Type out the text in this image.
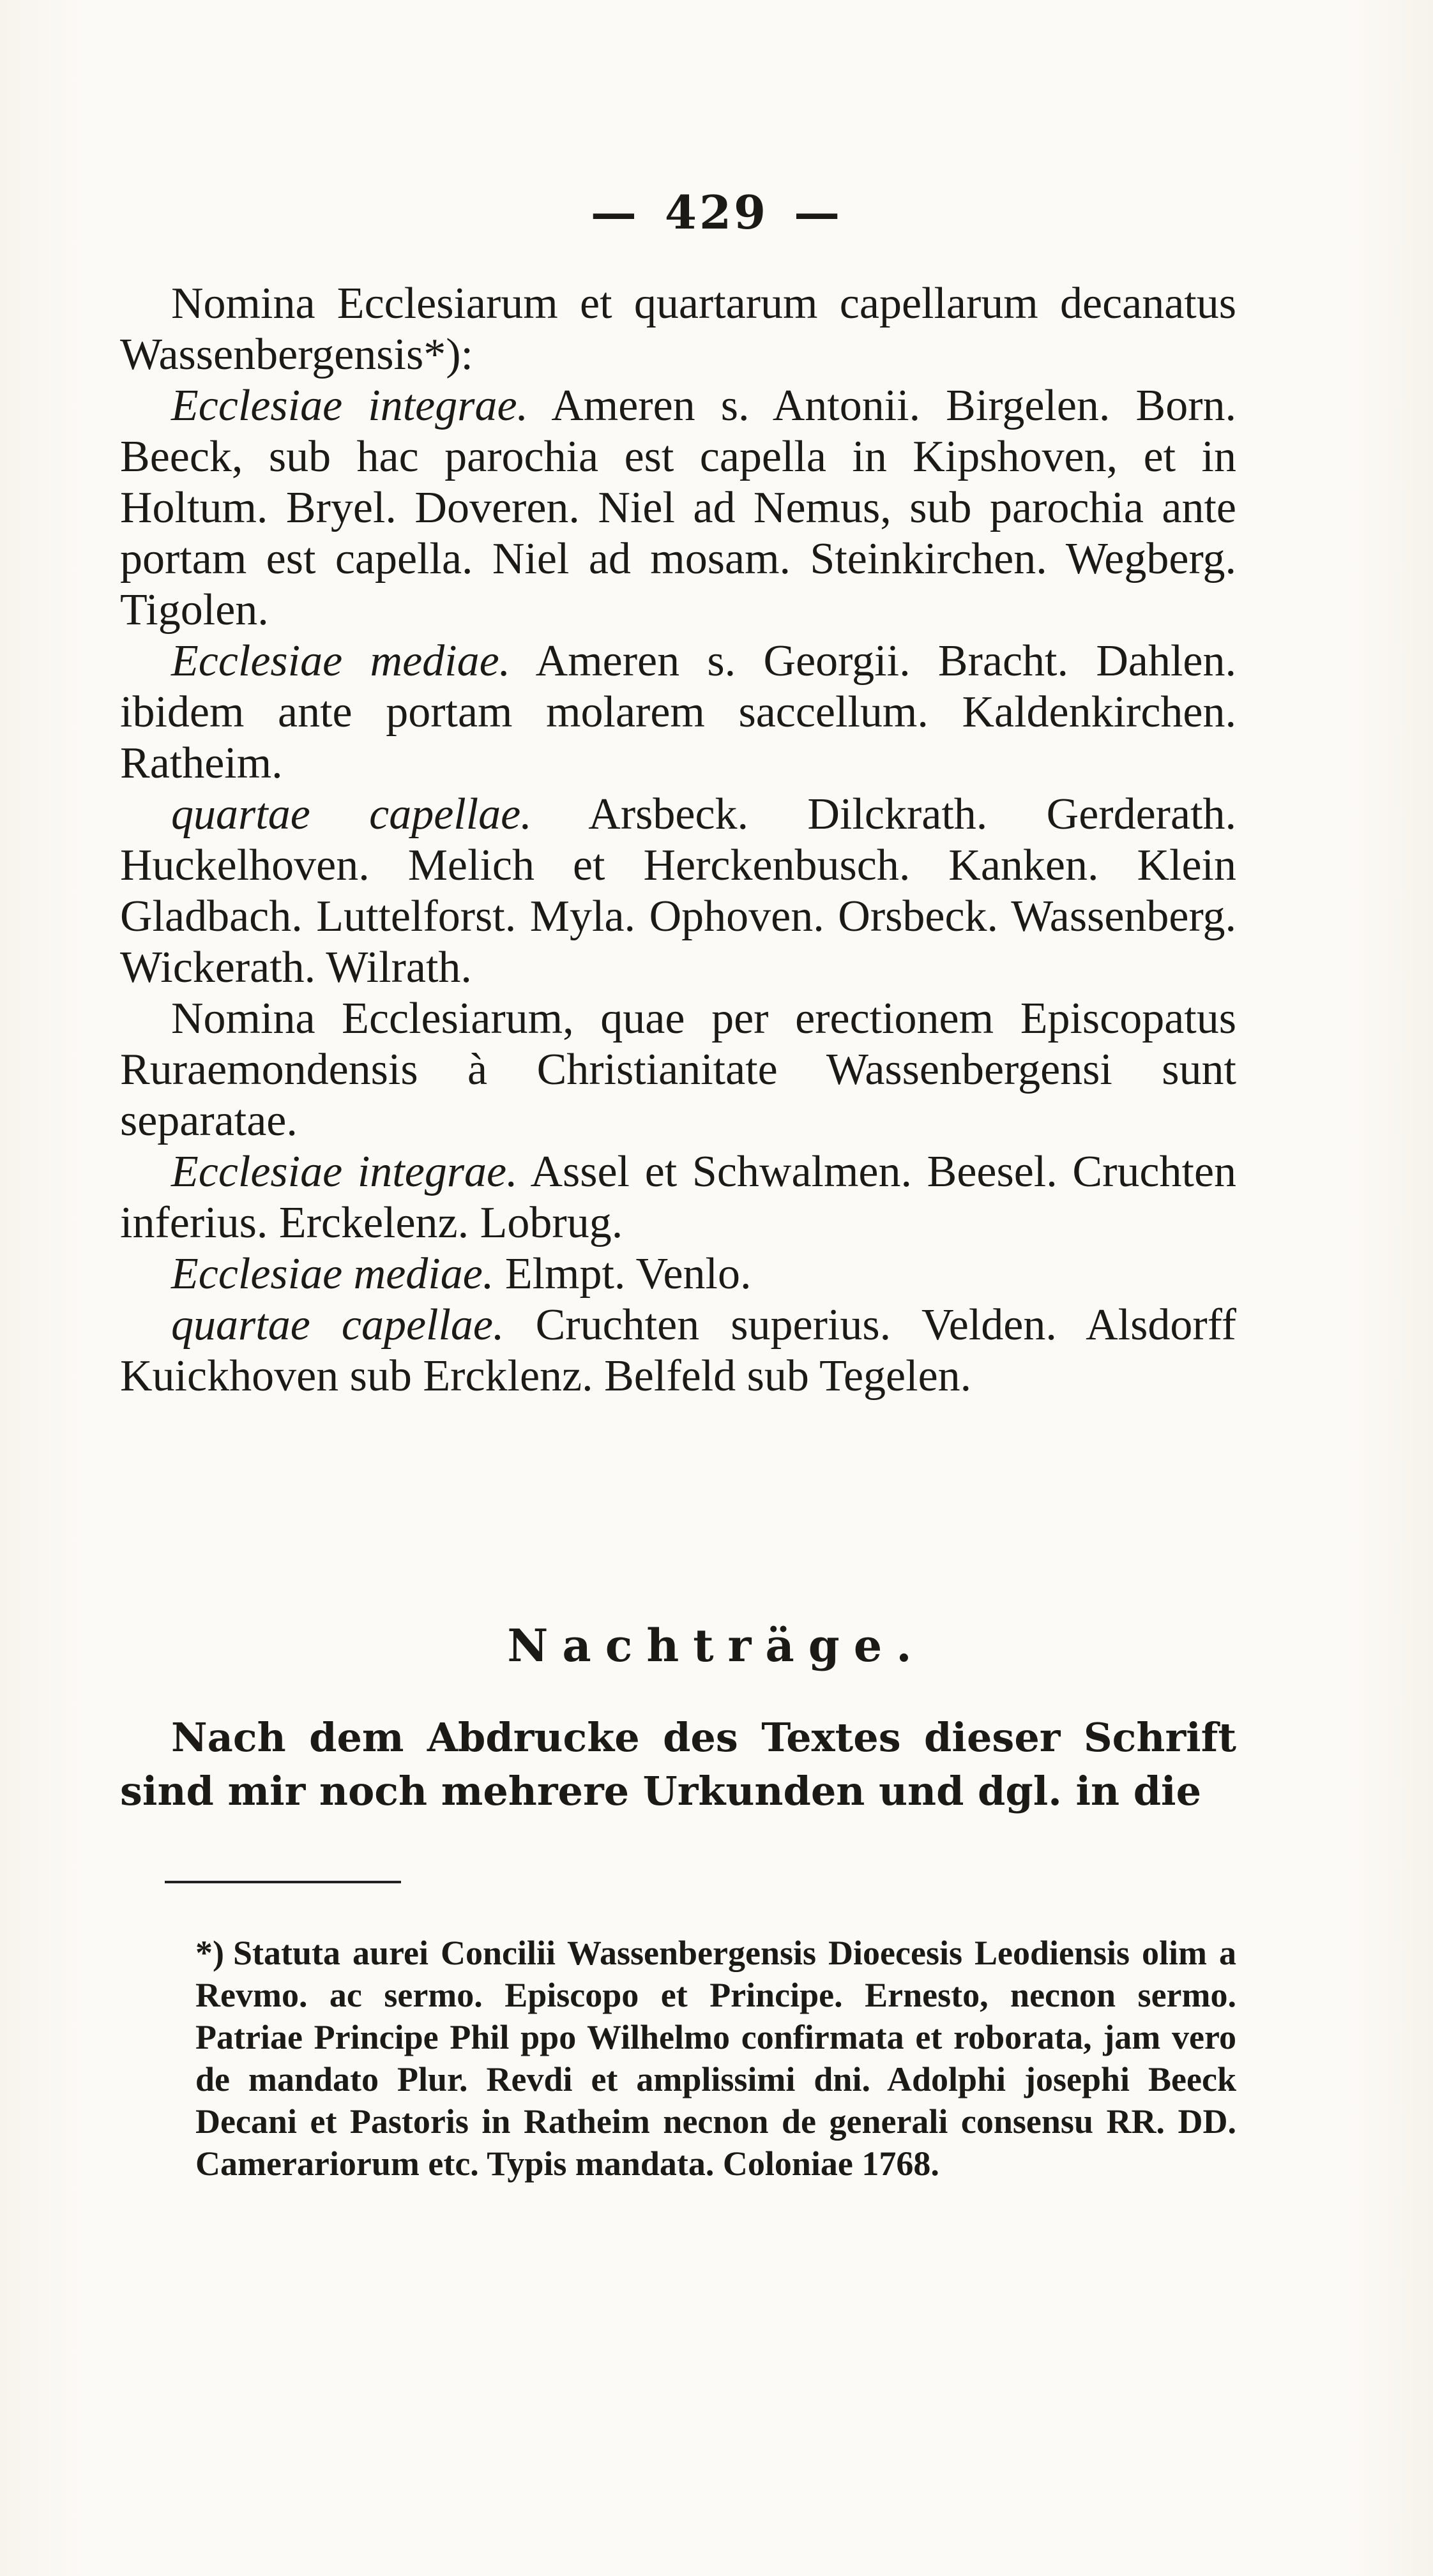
— 429 —

Nomina Ecclesiarum et quartarum capellarum decanatus Wassenbergensis*):

Ecclesiae integrae. Ameren s. Antonii. Birgelen. Born. Beeck, sub hac parochia est capella in Kipshoven, et in Holtum. Bryel. Doveren. Niel ad Nemus, sub parochia ante portam est capella. Niel ad mosam. Steinkirchen. Wegberg. Tigolen.

Ecclesiae mediae. Ameren s. Georgii. Bracht. Dahlen. ibidem ante portam molarem saccellum. Kaldenkirchen. Ratheim.

quartae capellae. Arsbeck. Dilckrath. Gerderath. Huckelhoven. Melich et Herckenbusch. Kanken. Klein Gladbach. Luttelforst. Myla. Ophoven. Orsbeck. Wassenberg. Wickerath. Wilrath.

Nomina Ecclesiarum, quae per erectionem Episcopatus Ruraemondensis à Christianitate Wassenbergensi sunt separatae.

Ecclesiae integrae. Assel et Schwalmen. Beesel. Cruchten inferius. Erckelenz. Lobrug.

Ecclesiae mediae. Elmpt. Venlo.

quartae capellae. Cruchten superius. Velden. Alsdorff Kuickhoven sub Ercklenz. Belfeld sub Tegelen.

Nachträge.

Nach dem Abdrucke des Textes dieser Schrift sind mir noch mehrere Urkunden und dgl. in die

*) Statuta aurei Concilii Wassenbergensis Dioecesis Leodiensis olim a Revmo. ac sermo. Episcopo et Principe. Ernesto, necnon sermo. Patriae Principe Phil ppo Wilhelmo confirmata et roborata, jam vero de mandato Plur. Revdi et amplissimi dni. Adolphi josephi Beeck Decani et Pastoris in Ratheim necnon de generali consensu RR. DD. Camerariorum etc. Typis mandata. Coloniae 1768.
